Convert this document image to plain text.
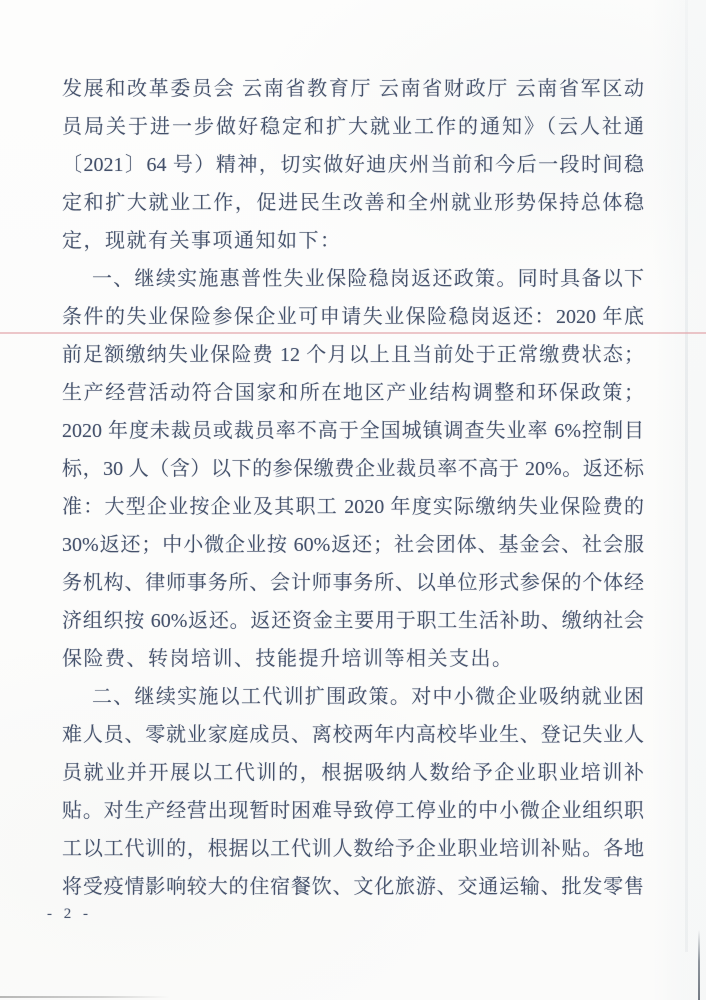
发展和改革委员会 云南省教育厅 云南省财政厅 云南省军区动
员局关于进一步做好稳定和扩大就业工作的通知》（云人社通
〔2021〕64 号）精神，切实做好迪庆州当前和今后一段时间稳
定和扩大就业工作，促进民生改善和全州就业形势保持总体稳
定，现就有关事项通知如下：
一、继续实施惠普性失业保险稳岗返还政策。同时具备以下
条件的失业保险参保企业可申请失业保险稳岗返还：2020 年底
前足额缴纳失业保险费 12 个月以上且当前处于正常缴费状态；
生产经营活动符合国家和所在地区产业结构调整和环保政策；
2020 年度未裁员或裁员率不高于全国城镇调查失业率 6%控制目
标，30 人（含）以下的参保缴费企业裁员率不高于 20%。返还标
准：大型企业按企业及其职工 2020 年度实际缴纳失业保险费的
30%返还；中小微企业按 60%返还；社会团体、基金会、社会服
务机构、律师事务所、会计师事务所、以单位形式参保的个体经
济组织按 60%返还。返还资金主要用于职工生活补助、缴纳社会
保险费、转岗培训、技能提升培训等相关支出。
二、继续实施以工代训扩围政策。对中小微企业吸纳就业困
难人员、零就业家庭成员、离校两年内高校毕业生、登记失业人
员就业并开展以工代训的，根据吸纳人数给予企业职业培训补
贴。对生产经营出现暂时困难导致停工停业的中小微企业组织职
工以工代训的，根据以工代训人数给予企业职业培训补贴。各地
将受疫情影响较大的住宿餐饮、文化旅游、交通运输、批发零售
- 2 -
